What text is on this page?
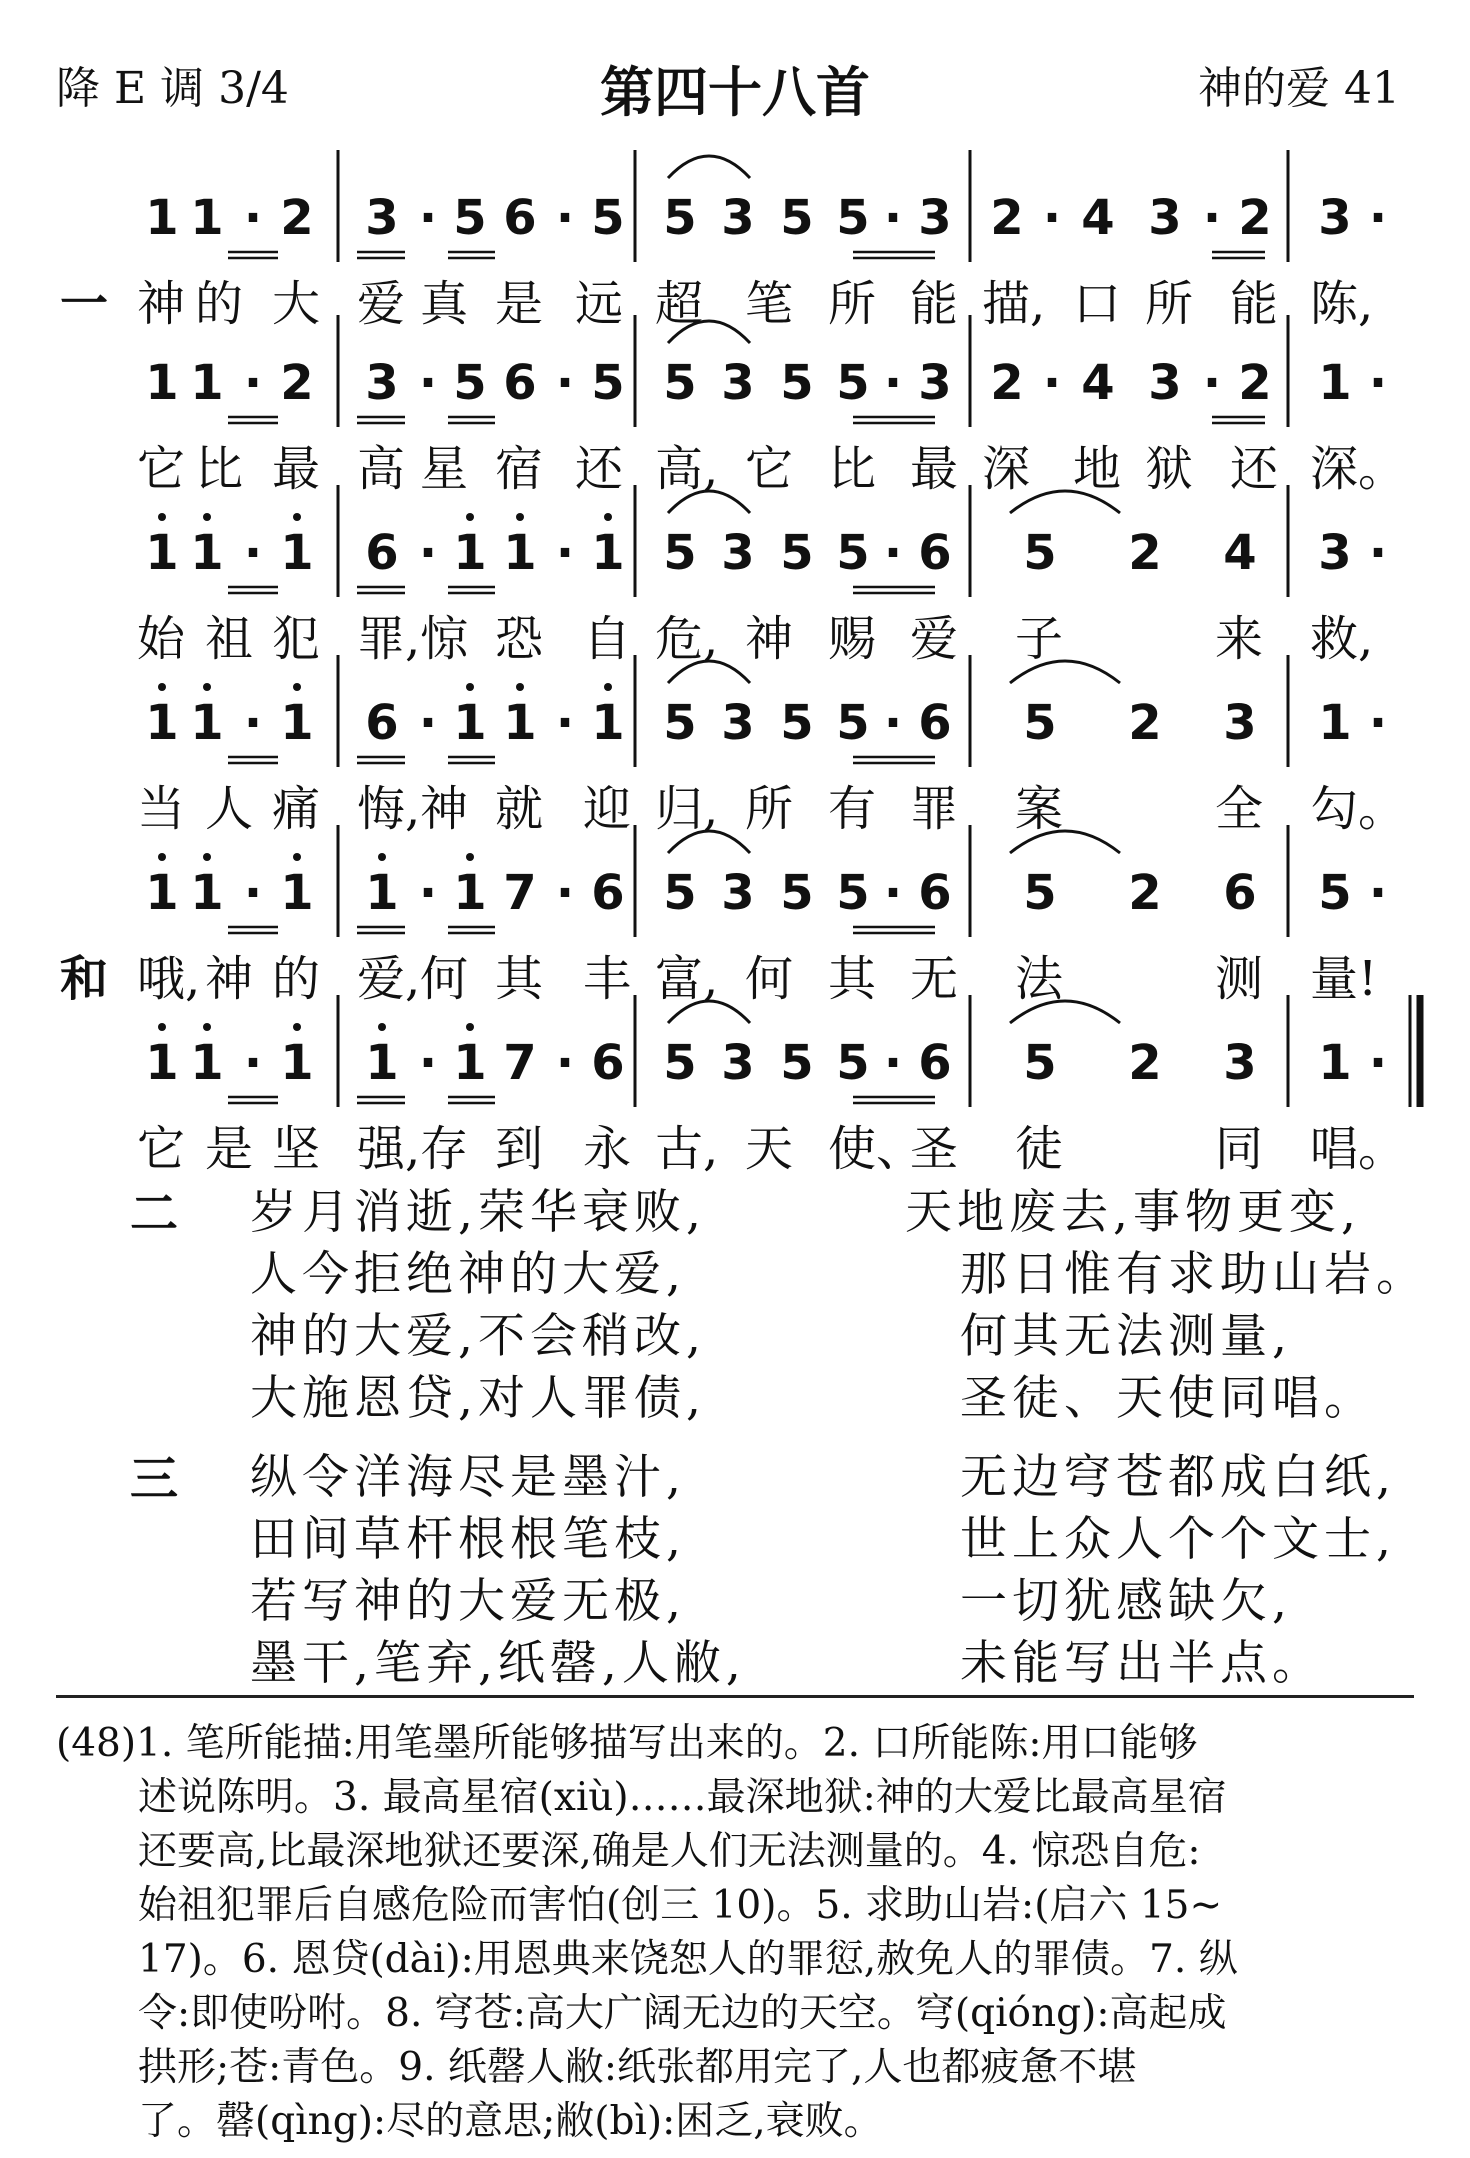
降 E 调 3/4	第四十八首	神的爱 41
1 1 · 2 3 · 5 6 · 5 5 3 5 5 · 3 2 · 4 3 · 2 3 ·
神 的 大 爱 真 是 远 超 笔 所 能 描, 口 所 能 陈,
一
1 1 · 2 3 · 5 6 · 5 5 3 5 5 · 3 2 · 4 3 · 2 1 ·
它 比 最 高 星 宿 还 高, 它 比 最 深 地 狱 还 深。
1 1 · 1 6 · 1 1 · 1 5 3 5 5 · 6 5 2 4 3 ·
始 祖 犯 罪, 惊 恐 自 危, 神 赐 爱	子	来 救,
1 1 · 1 6 · 1 1 · 1 5 3 5 5 · 6 5 2 3 1 ·
当 人 痛 悔, 神 就 迎 归, 所 有 罪	案	全 勾。
1 1 · 1 1 · 1 7 · 6 5 3 5 5 · 6 5 2 6 5 ·
哦, 神 的 爱, 何 其 丰 富, 何 其 无	法	测 量!
和
1 1 · 1 1 · 1 7 · 6 5 3 5 5 · 6 5 2 3 1 ·
它 是 坚 强, 存 到 永 古, 天 使、
圣	徒	同 唱。
二 岁月消逝,荣华衰败,	天地废去,事物更变,
人今拒绝神的大爱,	那日惟有求助山岩。
神的大爱,不会稍改,	何其无法测量,
大施恩贷,对人罪债,	圣徒、天使同唱。
三 纵令洋海尽是墨汁,	无边穹苍都成白纸,
田间草杆根根笔枝,	世上众人个个文士,
若写神的大爱无极,	一切犹感缺欠,
墨干,笔弃,纸罄,人敝,	未能写出半点。
(48)1. 笔所能描:用笔墨所能够描写出来的。2. 口所能陈:用口能够
述说陈明。3. 最高星宿(xiù)……最深地狱:神的大爱比最高星宿
还要高,比最深地狱还要深,确是人们无法测量的。4. 惊恐自危:
始祖犯罪后自感危险而害怕(创三 10)。5. 求助山岩:(启六 15~
17)。6. 恩贷(dài):用恩典来饶恕人的罪愆,赦免人的罪债。7. 纵
令:即使吩咐。8. 穹苍:高大广阔无边的天空。穹(qióng):高起成
拱形;苍:青色。9. 纸罄人敝:纸张都用完了,人也都疲惫不堪
了。罄(qìng):尽的意思;敝(bì):困乏,衰败。
